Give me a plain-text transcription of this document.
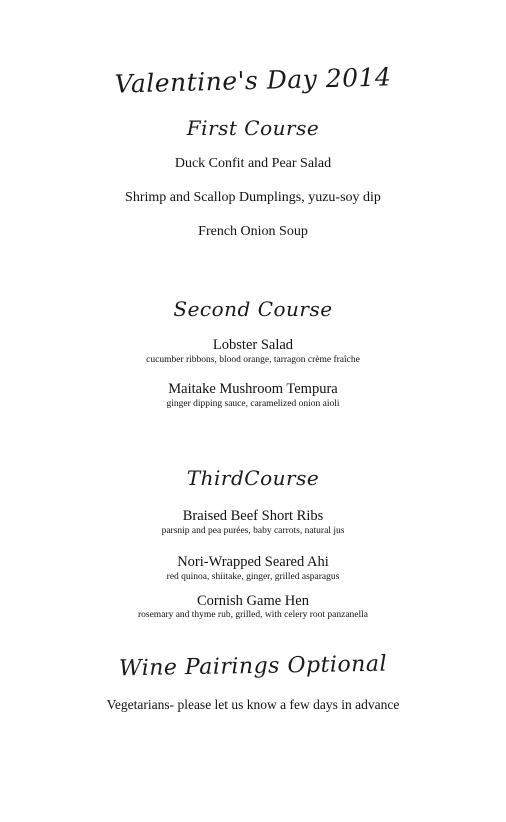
Valentine's Day 2014
First Course
Duck Confit and Pear Salad
Shrimp and Scallop Dumplings, yuzu-soy dip
French Onion Soup
Second Course
Lobster Salad
cucumber ribbons, blood orange, tarragon crème fraîche
Maitake Mushroom Tempura
ginger dipping sauce, caramelized onion aioli
ThirdCourse
Braised Beef Short Ribs
parsnip and pea purées, baby carrots, natural jus
Nori-Wrapped Seared Ahi
red quinoa, shiitake, ginger, grilled asparagus
Cornish Game Hen
rosemary and thyme rub, grilled, with celery root panzanella
Wine Pairings Optional
Vegetarians- please let us know a few days in advance
